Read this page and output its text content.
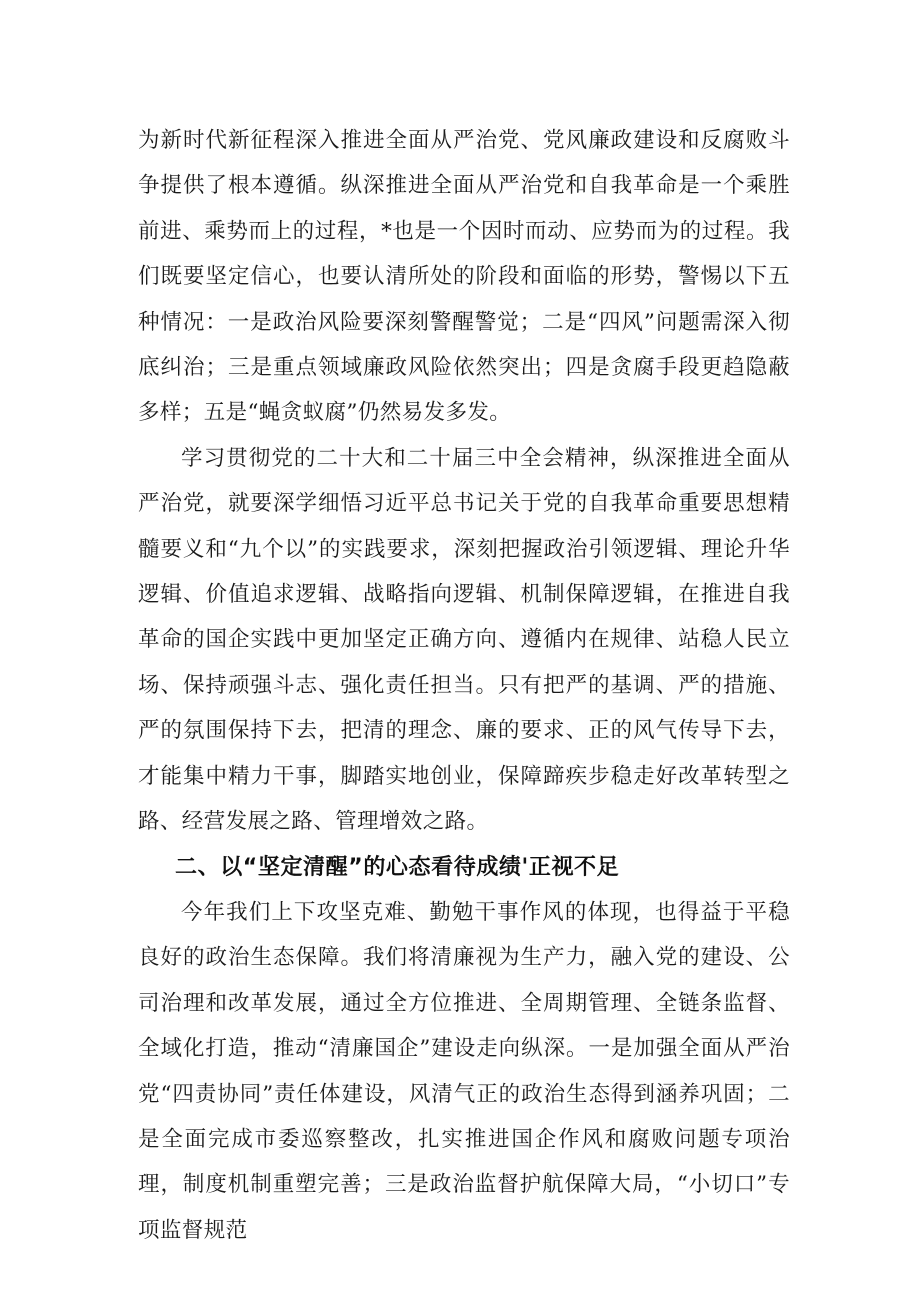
为新时代新征程深入推进全面从严治党、党风廉政建设和反腐败斗争提供了根本遵循。纵深推进全面从严治党和自我革命是一个乘胜前进、乘势而上的过程，*也是一个因时而动、应势而为的过程。我们既要坚定信心，也要认清所处的阶段和面临的形势，警惕以下五种情况：一是政治风险要深刻警醒警觉；二是“四风”问题需深入彻底纠治；三是重点领域廉政风险依然突出；四是贪腐手段更趋隐蔽多样；五是“蝇贪蚁腐”仍然易发多发。

学习贯彻党的二十大和二十届三中全会精神，纵深推进全面从严治党，就要深学细悟习近平总书记关于党的自我革命重要思想精髓要义和“九个以”的实践要求，深刻把握政治引领逻辑、理论升华逻辑、价值追求逻辑、战略指向逻辑、机制保障逻辑，在推进自我革命的国企实践中更加坚定正确方向、遵循内在规律、站稳人民立场、保持顽强斗志、强化责任担当。只有把严的基调、严的措施、严的氛围保持下去，把清的理念、廉的要求、正的风气传导下去，才能集中精力干事，脚踏实地创业，保障蹄疾步稳走好改革转型之路、经营发展之路、管理增效之路。

二、以“坚定清醒”的心态看待成绩'正视不足

今年我们上下攻坚克难、勤勉干事作风的体现，也得益于平稳良好的政治生态保障。我们将清廉视为生产力，融入党的建设、公司治理和改革发展，通过全方位推进、全周期管理、全链条监督、全域化打造，推动“清廉国企”建设走向纵深。一是加强全面从严治党“四责协同”责任体建设，风清气正的政治生态得到涵养巩固；二是全面完成市委巡察整改，扎实推进国企作风和腐败问题专项治理，制度机制重塑完善；三是政治监督护航保障大局，“小切口”专项监督规范
